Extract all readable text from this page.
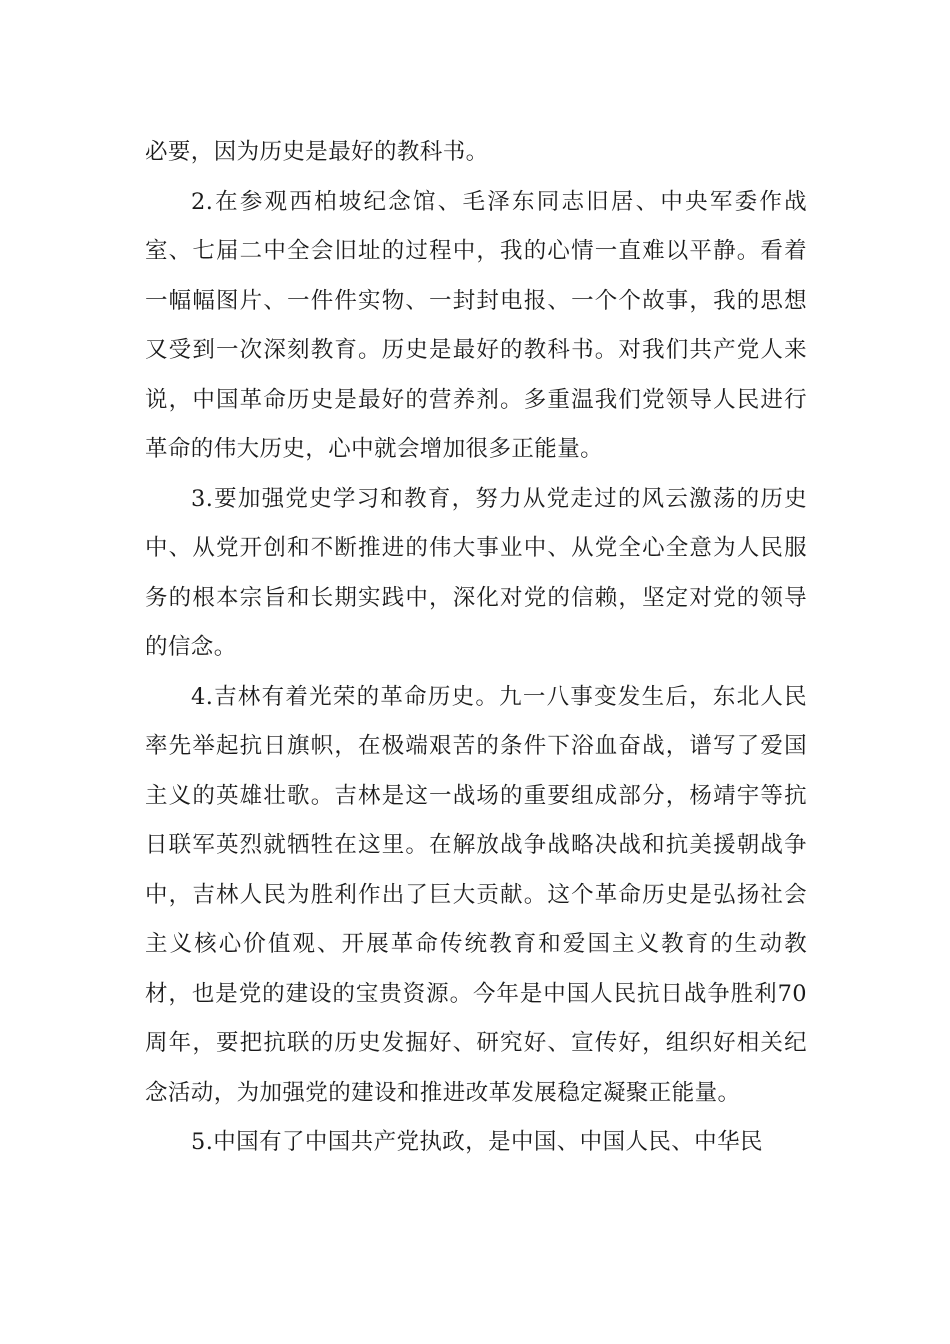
必要，因为历史是最好的教科书。

2.在参观西柏坡纪念馆、毛泽东同志旧居、中央军委作战室、七届二中全会旧址的过程中，我的心情一直难以平静。看着一幅幅图片、一件件实物、一封封电报、一个个故事，我的思想又受到一次深刻教育。历史是最好的教科书。对我们共产党人来说，中国革命历史是最好的营养剂。多重温我们党领导人民进行革命的伟大历史，心中就会增加很多正能量。

3.要加强党史学习和教育，努力从党走过的风云激荡的历史中、从党开创和不断推进的伟大事业中、从党全心全意为人民服务的根本宗旨和长期实践中，深化对党的信赖，坚定对党的领导的信念。

4.吉林有着光荣的革命历史。九一八事变发生后，东北人民率先举起抗日旗帜，在极端艰苦的条件下浴血奋战，谱写了爱国主义的英雄壮歌。吉林是这一战场的重要组成部分，杨靖宇等抗日联军英烈就牺牲在这里。在解放战争战略决战和抗美援朝战争中，吉林人民为胜利作出了巨大贡献。这个革命历史是弘扬社会主义核心价值观、开展革命传统教育和爱国主义教育的生动教材，也是党的建设的宝贵资源。今年是中国人民抗日战争胜利70周年，要把抗联的历史发掘好、研究好、宣传好，组织好相关纪念活动，为加强党的建设和推进改革发展稳定凝聚正能量。

5.中国有了中国共产党执政，是中国、中国人民、中华民
